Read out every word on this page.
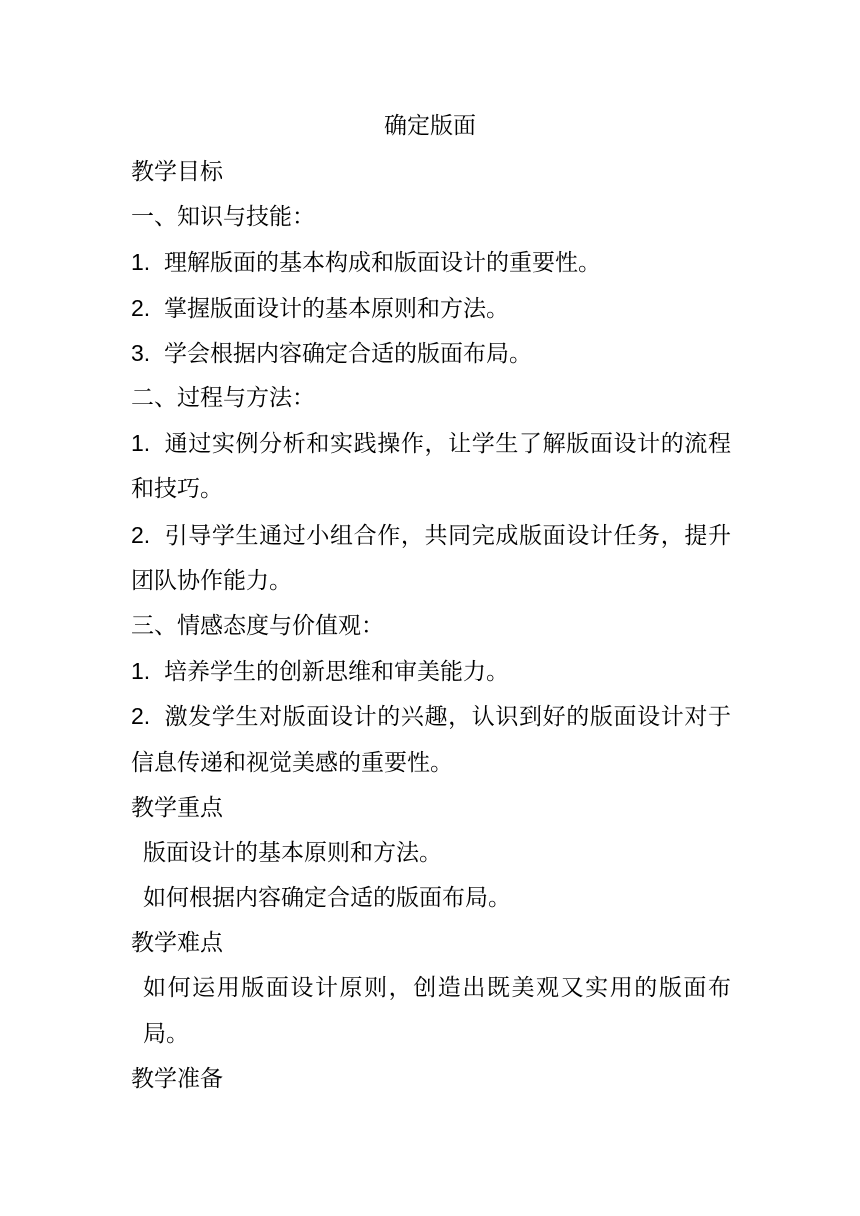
确定版面
教学目标
一、知识与技能：
1. 理解版面的基本构成和版面设计的重要性。
2. 掌握版面设计的基本原则和方法。
3. 学会根据内容确定合适的版面布局。
二、过程与方法：
1. 通过实例分析和实践操作，让学生了解版面设计的流程和技巧。
2. 引导学生通过小组合作，共同完成版面设计任务，提升团队协作能力。
三、情感态度与价值观：
1. 培养学生的创新思维和审美能力。
2. 激发学生对版面设计的兴趣，认识到好的版面设计对于信息传递和视觉美感的重要性。
教学重点
版面设计的基本原则和方法。
如何根据内容确定合适的版面布局。
教学难点
如何运用版面设计原则，创造出既美观又实用的版面布局。
教学准备
